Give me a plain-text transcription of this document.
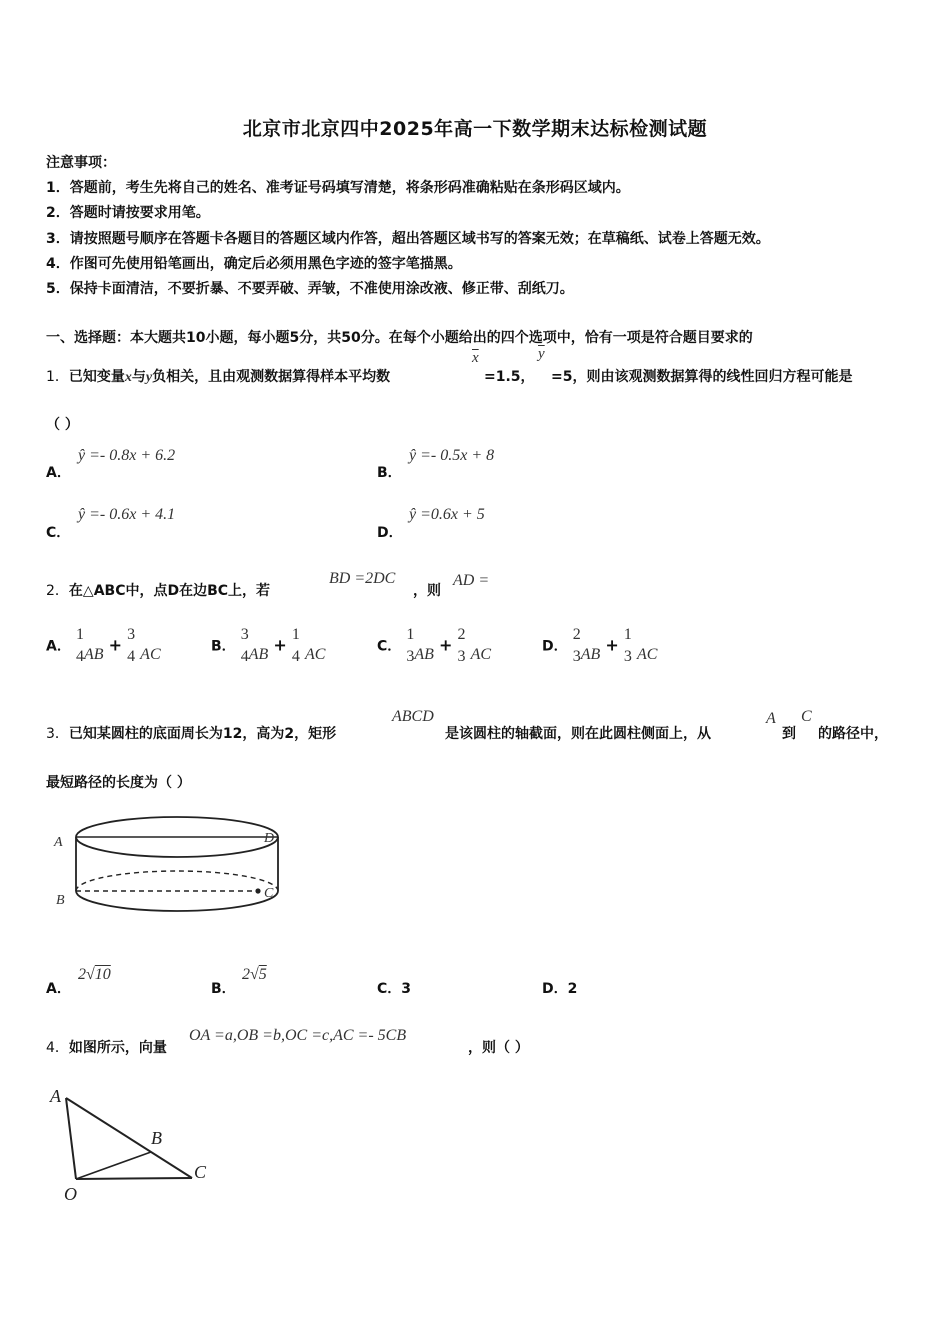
北京市北京四中2025年高一下数学期末达标检测试题
注意事项：
1．答题前，考生先将自己的姓名、准考证号码填写清楚，将条形码准确粘贴在条形码区域内。
2．答题时请按要求用笔。
3．请按照题号顺序在答题卡各题目的答题区域内作答，超出答题区域书写的答案无效；在草稿纸、试卷上答题无效。
4．作图可先使用铅笔画出，确定后必须用黑色字迹的签字笔描黑。
5．保持卡面清洁，不要折暴、不要弄破、弄皱，不准使用涂改液、修正带、刮纸刀。
一、选择题：本大题共10小题，每小题5分，共50分。在每个小题给出的四个选项中，恰有一项是符合题目要求的
1．已知变量x与y负相关，且由观测数据算得样本平均数
$\overline{x}$
=1.5，
$\overline{y}$
=5，则由该观测数据算得的线性回归方程可能是
（ ）
A．
ŷ =- 0.8x + 6.2
B．
ŷ =- 0.5x + 8
C．
ŷ =- 0.6x + 4.1
D．
ŷ =0.6x + 5
2．在△ABC中，点D在边BC上，若
BD =2DC
，则
AD =
A．
1
4 AB +
3
4 AC	B．
3
4 AB +
1
4 AC	C．
1
3 AB +
2
3 AC	D．
2
3 AB +
1
3 AC
3．已知某圆柱的底面周长为12，高为2，矩形
ABCD
是该圆柱的轴截面，则在此圆柱侧面上，从
A
到
C
的路径中，
最短路径的长度为（ ）
A	D
B	C
A．
2√10
B．
2√5
C．3	D．2
4．如图所示，向量
OA =a,OB =b,OC =c,AC =- 5CB
，则（ ）
A
B
C
O
